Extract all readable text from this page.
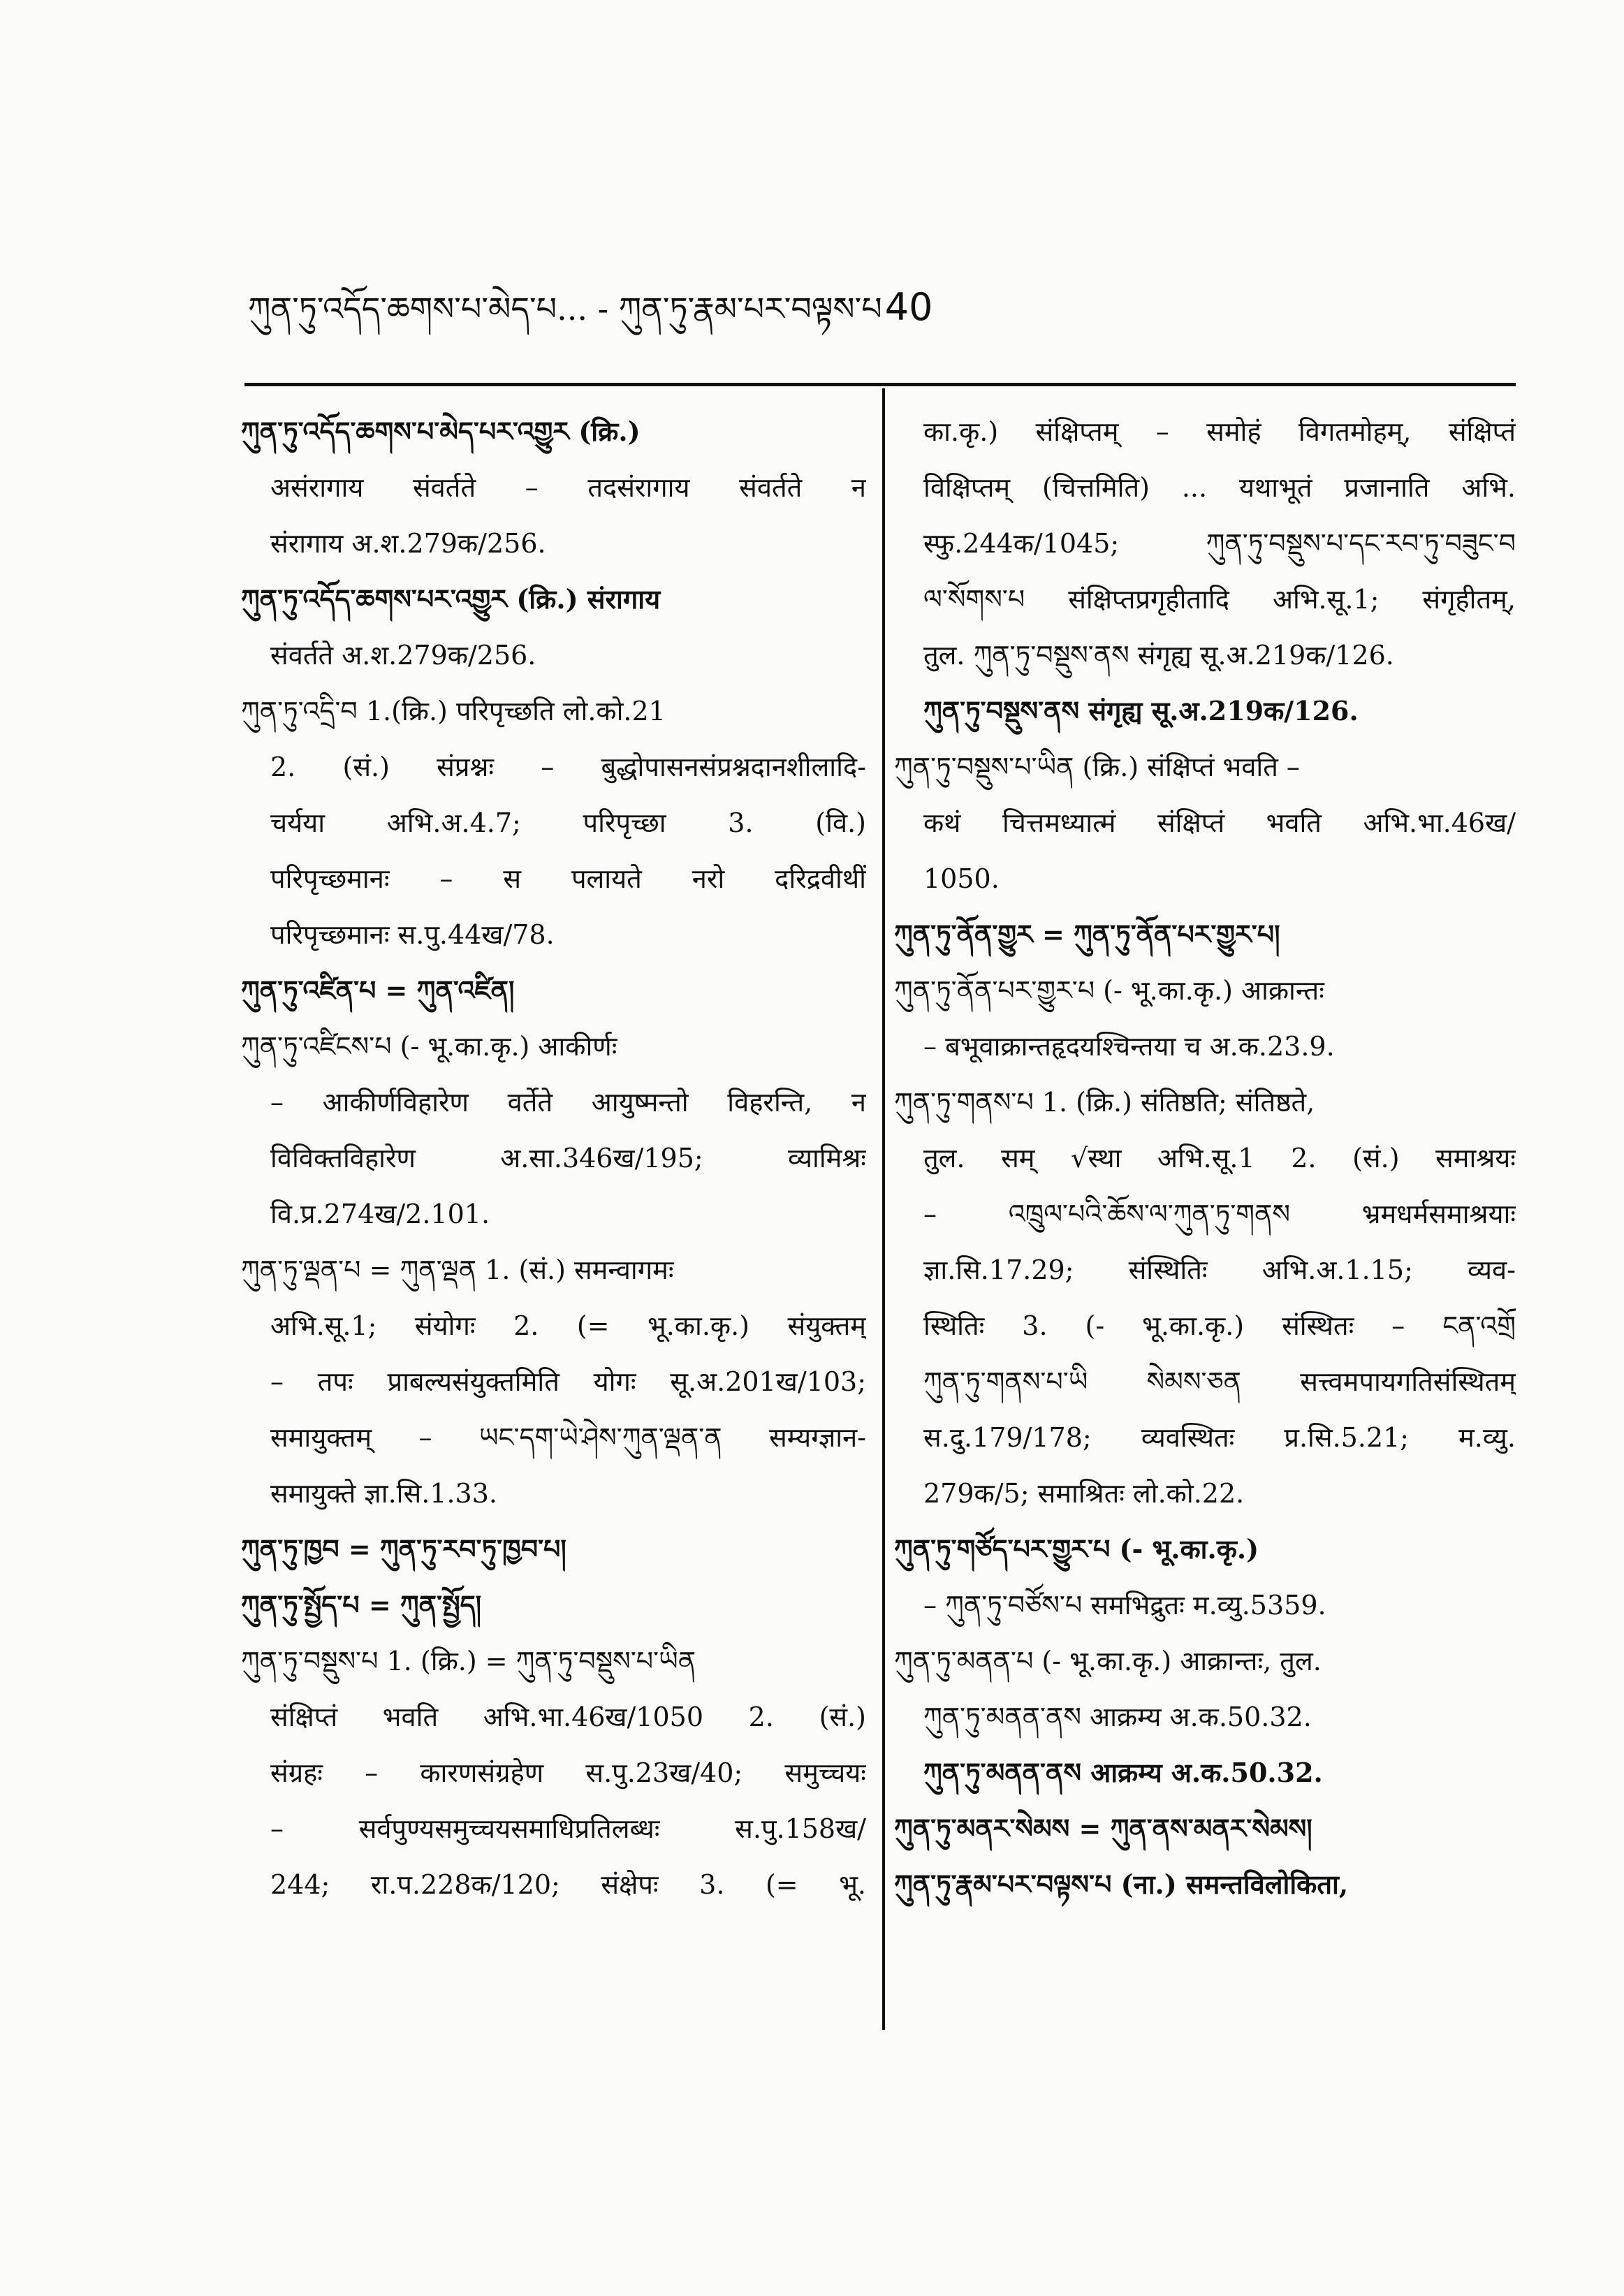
ཀུན་ཏུ་འདོད་ཆགས་པ་མེད་པ... - ཀུན་ཏུ་རྣམ་པར་བལྟས་པ40
ཀུན་ཏུ་འདོད་ཆགས་པ་མེད་པར་འགྱུར (क्रि.)
असंरागाय संवर्तते – तदसंरागाय संवर्तते न
संरागाय अ.श.279क/256.
ཀུན་ཏུ་འདོད་ཆགས་པར་འགྱུར (क्रि.) संरागाय
संवर्तते अ.श.279क/256.
ཀུན་ཏུ་འདྲི་བ 1.(क्रि.) परिपृच्छति लो.को.21
2. (सं.) संप्रश्नः – बुद्धोपासनसंप्रश्नदानशीलादि-
चर्यया अभि.अ.4.7; परिपृच्छा 3. (वि.)
परिपृच्छमानः – स पलायते नरो दरिद्रवीथीं
परिपृच्छमानः स.पु.44ख/78.
ཀུན་ཏུ་འཛིན་པ = ཀུན་འཛིན།
ཀུན་ཏུ་འཛིངས་པ (- भू.का.कृ.) आकीर्णः
– आकीर्णविहारेण वर्तेते आयुष्मन्तो विहरन्ति, न
विविक्तविहारेण अ.सा.346ख/195; व्यामिश्रः
वि.प्र.274ख/2.101.
ཀུན་ཏུ་ལྡན་པ = ཀུན་ལྡན 1. (सं.) समन्वागमः
अभि.सू.1; संयोगः 2. (= भू.का.कृ.) संयुक्तम्
– तपः प्राबल्यसंयुक्तमिति योगः सू.अ.201ख/103;
समायुक्तम् – ཡང་དག་ཡེ་ཤེས་ཀུན་ལྡན་ན सम्यग्ज्ञान-
समायुक्ते ज्ञा.सि.1.33.
ཀུན་ཏུ་ཁྱབ = ཀུན་ཏུ་རབ་ཏུ་ཁྱབ་པ།
ཀུན་ཏུ་སྤྱོད་པ = ཀུན་སྤྱོད།
ཀུན་ཏུ་བསྡུས་པ 1. (क्रि.) = ཀུན་ཏུ་བསྡུས་པ་ཡིན
संक्षिप्तं भवति अभि.भा.46ख/1050 2. (सं.)
संग्रहः – कारणसंग्रहेण स.पु.23ख/40; समुच्चयः
– सर्वपुण्यसमुच्चयसमाधिप्रतिलब्धः स.पु.158ख/
244; रा.प.228क/120; संक्षेपः 3. (= भू.
का.कृ.) संक्षिप्तम् – समोहं विगतमोहम्, संक्षिप्तं
विक्षिप्तम् (चित्तमिति) ... यथाभूतं प्रजानाति अभि.
स्फु.244क/1045; ཀུན་ཏུ་བསྡུས་པ་དང་རབ་ཏུ་བཟུང་བ
ལ་སོགས་པ संक्षिप्तप्रगृहीतादि अभि.सू.1; संगृहीतम्,
तुल. ཀུན་ཏུ་བསྡུས་ནས संगृह्य सू.अ.219क/126.
ཀུན་ཏུ་བསྡུས་ནས संगृह्य सू.अ.219क/126.
ཀུན་ཏུ་བསྡུས་པ་ཡིན (क्रि.) संक्षिप्तं भवति –
कथं चित्तमध्यात्मं संक्षिप्तं भवति अभि.भा.46ख/
1050.
ཀུན་ཏུ་ནོན་གྱུར = ཀུན་ཏུ་ནོན་པར་གྱུར་པ།
ཀུན་ཏུ་ནོན་པར་གྱུར་པ (- भू.का.कृ.) आक्रान्तः
– बभूवाक्रान्तहृदयश्चिन्तया च अ.क.23.9.
ཀུན་ཏུ་གནས་པ 1. (क्रि.) संतिष्ठति; संतिष्ठते,
तुल. सम् √स्था अभि.सू.1 2. (सं.) समाश्रयः
– འཁྲུལ་པའི་ཆོས་ལ་ཀུན་ཏུ་གནས भ्रमधर्मसमाश्रयाः
ज्ञा.सि.17.29; संस्थितिः अभि.अ.1.15; व्यव-
स्थितिः 3. (- भू.का.कृ.) संस्थितः – ངན་འགྲོ
ཀུན་ཏུ་གནས་པ་ཡི སེམས་ཅན सत्त्वमपायगतिसंस्थितम्
स.दु.179/178; व्यवस्थितः प्र.सि.5.21; म.व्यु.
279क/5; समाश्रितः लो.को.22.
ཀུན་ཏུ་གཙོད་པར་གྱུར་པ (- भू.का.कृ.)
– ཀུན་ཏུ་བཙོས་པ समभिद्रुतः म.व्यु.5359.
ཀུན་ཏུ་མནན་པ (- भू.का.कृ.) आक्रान्तः, तुल.
ཀུན་ཏུ་མནན་ནས आक्रम्य अ.क.50.32.
ཀུན་ཏུ་མནན་ནས आक्रम्य अ.क.50.32.
ཀུན་ཏུ་མནར་སེམས = ཀུན་ནས་མནར་སེམས།
ཀུན་ཏུ་རྣམ་པར་བལྟས་པ (ना.) समन्तविलोकिता,
